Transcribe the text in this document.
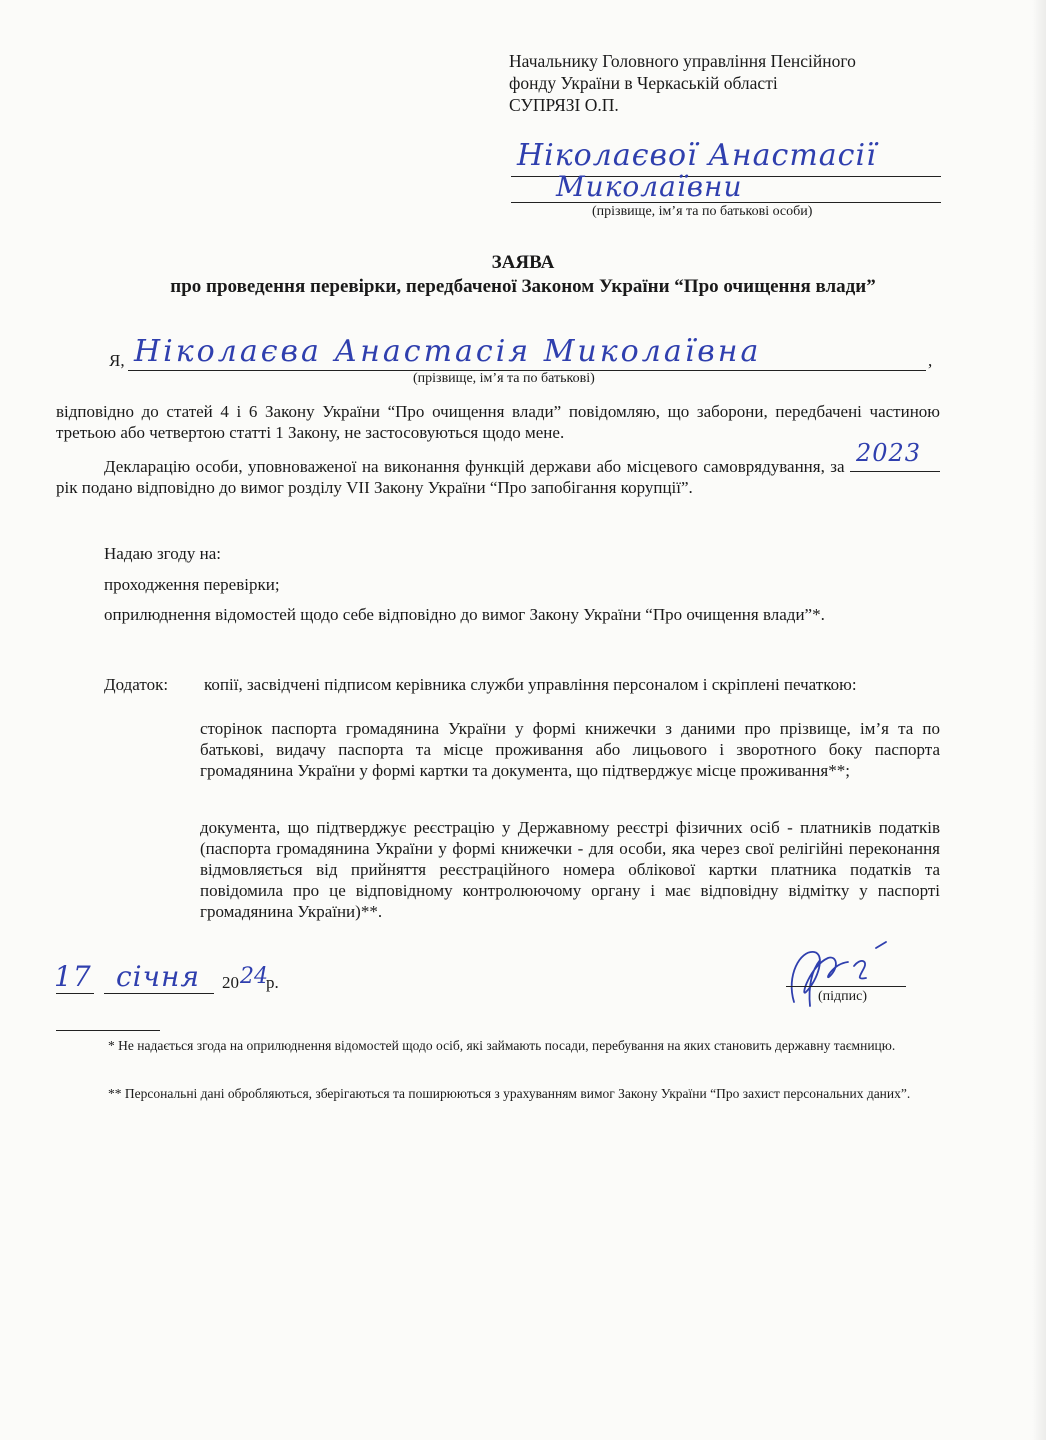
Начальнику Головного управління Пенсійного
фонду України в Черкаській області
СУПРЯЗІ О.П.
Ніколаєвої Анастасії
Миколаївни
(прізвище, ім’я та по батькові особи)
ЗАЯВА
про проведення перевірки, передбаченої Законом України “Про очищення влади”
Я, Ніколаєва Анастасія Миколаївна	,
(прізвище, ім’я та по батькові)
відповідно до статей 4 і 6 Закону України “Про очищення влади” повідомляю, що заборони, передбачені частиною третьою або четвертою статті 1 Закону, не застосовуються щодо мене.
Декларацію особи, уповноваженої на виконання функцій держави або місцевого самоврядування, за 2023
рік подано відповідно до вимог розділу VII Закону України “Про запобігання корупції”.
Надаю згоду на:
проходження перевірки;
оприлюднення відомостей щодо себе відповідно до вимог Закону України “Про очищення влади”*.
Додаток: копії, засвідчені підписом керівника служби управління персоналом і скріплені печаткою:
сторінок паспорта громадянина України у формі книжечки з даними про прізвище, ім’я та по батькові, видачу паспорта та місце проживання або лицьового і зворотного боку паспорта громадянина України у формі картки та документа, що підтверджує місце проживання**;
документа, що підтверджує реєстрацію у Державному реєстрі фізичних осіб - платників податків (паспорта громадянина України у формі книжечки - для особи, яка через свої релігійні переконання відмовляється від прийняття реєстраційного номера облікової картки платника податків та повідомила про це відповідному контролюючому органу і має відповідну відмітку у паспорті громадянина України)**.
17 січня 20 24
р.
(підпис)
* Не надається згода на оприлюднення відомостей щодо осіб, які займають посади, перебування на яких становить державну таємницю.
** Персональні дані обробляються, зберігаються та поширюються з урахуванням вимог Закону України “Про захист персональних даних”.
